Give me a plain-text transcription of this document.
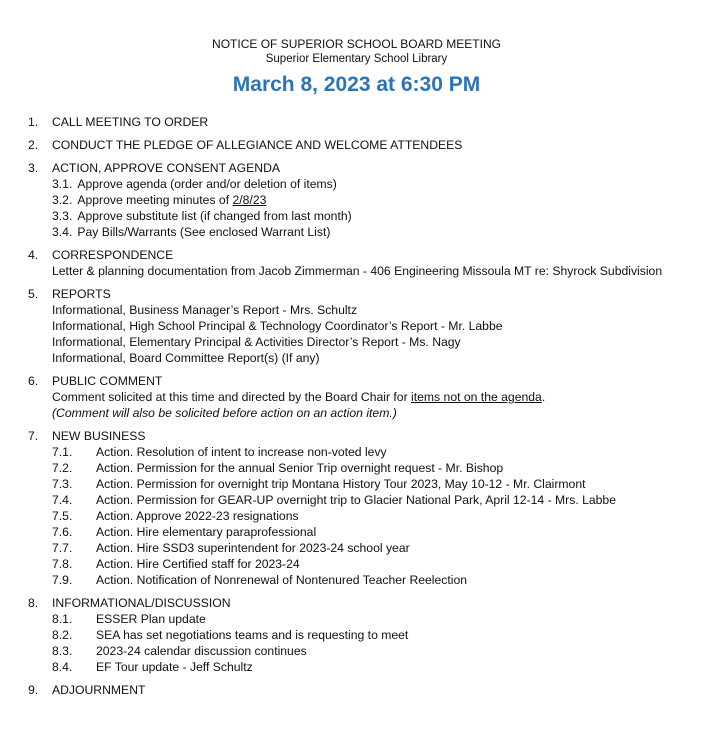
NOTICE OF SUPERIOR SCHOOL BOARD MEETING
Superior Elementary School Library
March 8, 2023 at 6:30 PM
1.	CALL MEETING TO ORDER
2.	CONDUCT THE PLEDGE OF ALLEGIANCE AND WELCOME ATTENDEES
3.	ACTION, APPROVE CONSENT AGENDA
3.1. Approve agenda (order and/or deletion of items)
3.2. Approve meeting minutes of 2/8/23
3.3. Approve substitute list (if changed from last month)
3.4. Pay Bills/Warrants (See enclosed Warrant List)
4.	CORRESPONDENCE
Letter & planning documentation from Jacob Zimmerman - 406 Engineering Missoula MT re: Shyrock Subdivision
5.	REPORTS
Informational, Business Manager’s Report - Mrs. Schultz
Informational, High School Principal & Technology Coordinator’s Report - Mr. Labbe
Informational, Elementary Principal & Activities Director’s Report - Ms. Nagy
Informational, Board Committee Report(s) (If any)
6.	PUBLIC COMMENT
Comment solicited at this time and directed by the Board Chair for items not on the agenda.
(Comment will also be solicited before action on an action item.)
7.	NEW BUSINESS
7.1.	Action. Resolution of intent to increase non-voted levy
7.2.	Action. Permission for the annual Senior Trip overnight request - Mr. Bishop
7.3.	Action. Permission for overnight trip Montana History Tour 2023, May 10-12 - Mr. Clairmont
7.4.	Action. Permission for GEAR-UP overnight trip to Glacier National Park, April 12-14 - Mrs. Labbe
7.5.	Action. Approve 2022-23 resignations
7.6.	Action. Hire elementary paraprofessional
7.7.	Action. Hire SSD3 superintendent for 2023-24 school year
7.8.	Action. Hire Certified staff for 2023-24
7.9.	Action. Notification of Nonrenewal of Nontenured Teacher Reelection
8.	INFORMATIONAL/DISCUSSION
8.1.	ESSER Plan update
8.2.	SEA has set negotiations teams and is requesting to meet
8.3.	2023-24 calendar discussion continues
8.4.	EF Tour update - Jeff Schultz
9.	ADJOURNMENT
